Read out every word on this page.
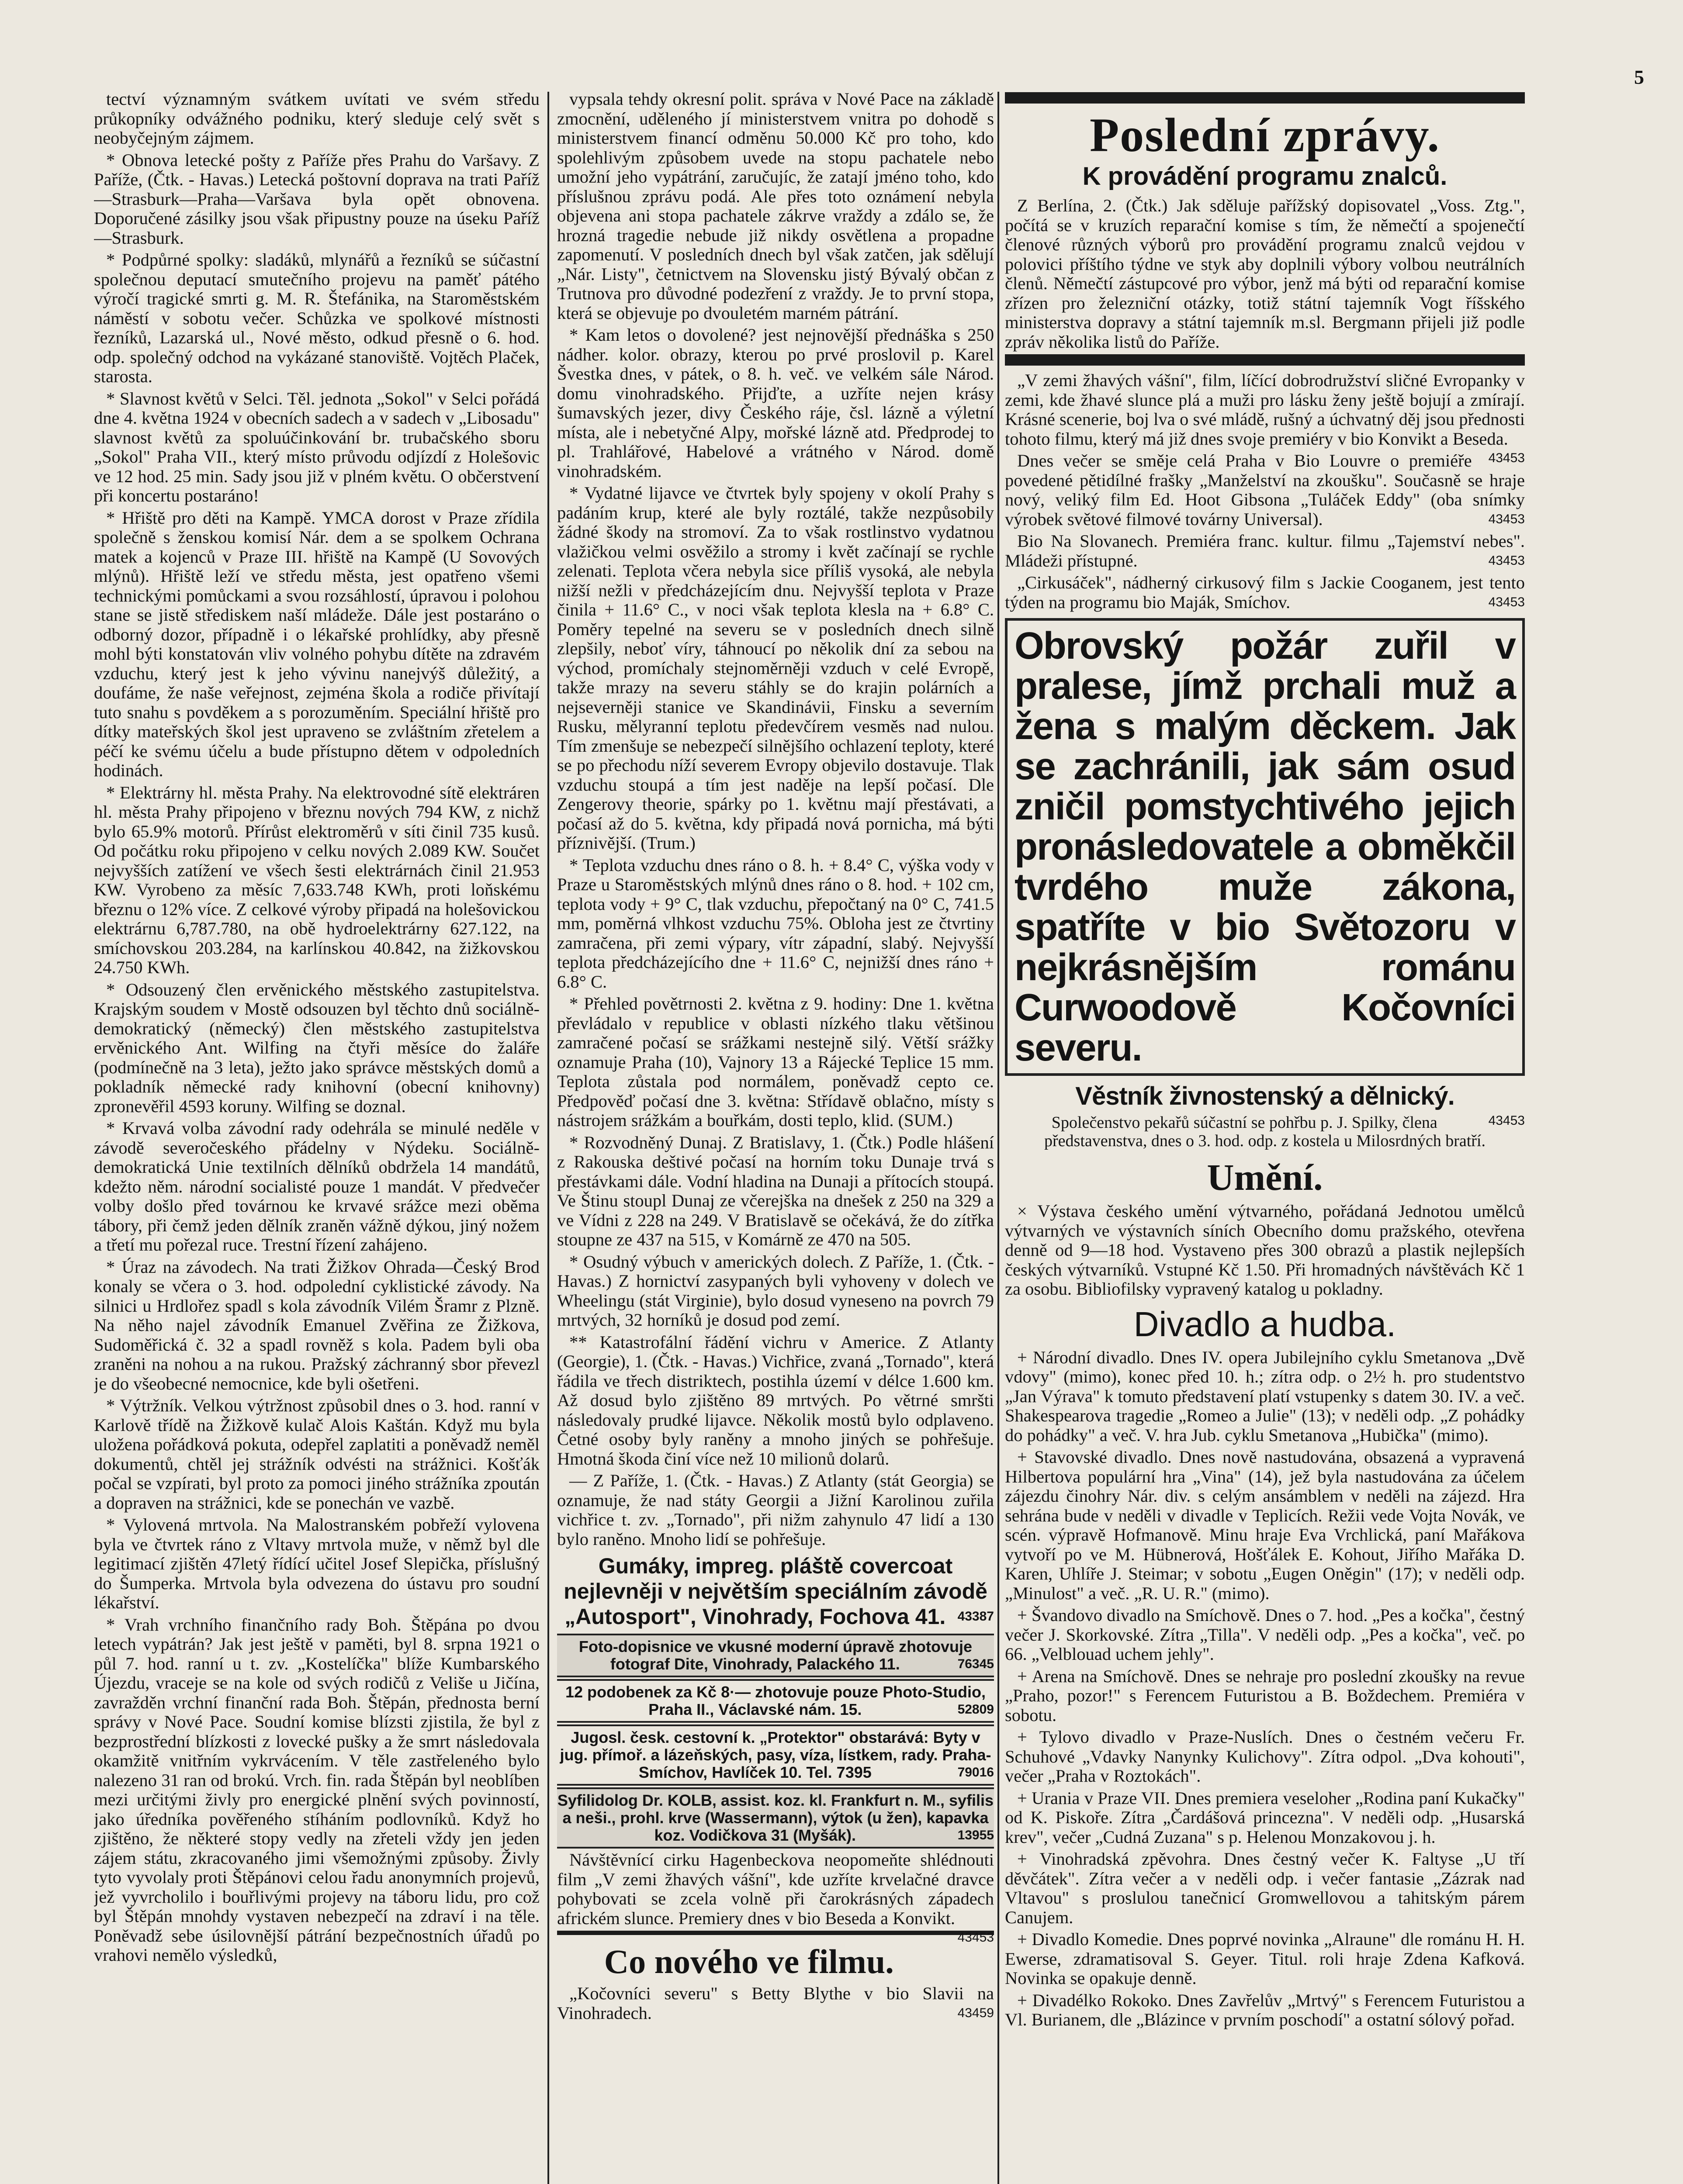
5

tectví významným svátkem uvítati ve svém středu průkopníky odvážného podniku, který sleduje celý svět s neobyčejným zájmem.

* Obnova letecké pošty z Paříže přes Prahu do Varšavy. Z Paříže, (Čtk. - Havas.) Letecká poštovní doprava na trati Paříž—Strasburk—Praha—Varšava byla opět obnovena. Doporučené zásilky jsou však připustny pouze na úseku Paříž—Strasburk.

* Podpůrné spolky: sladáků, mlynářů a řezníků se súčastní společnou deputací smutečního projevu na paměť pátého výročí tragické smrti g. M. R. Štefánika, na Staroměstském náměstí v sobotu večer. Schůzka ve spolkové místnosti řezníků, Lazarská ul., Nové město, odkud přesně o 6. hod. odp. společný odchod na vykázané stanoviště. Vojtěch Plaček, starosta.

* Slavnost květů v Selci. Těl. jednota „Sokol" v Selci pořádá dne 4. května 1924 v obecních sadech a v sadech v „Libosadu" slavnost květů za spoluúčinkování br. trubačského sboru „Sokol" Praha VII., který místo průvodu odjízdí z Holešovic ve 12 hod. 25 min. Sady jsou již v plném květu. O občerstvení při koncertu postaráno!

* Hřiště pro děti na Kampě. YMCA dorost v Praze zřídila společně s ženskou komisí Nár. dem a se spolkem Ochrana matek a kojenců v Praze III. hřiště na Kampě (U Sovových mlýnů). Hřiště leží ve středu města, jest opatřeno všemi technickými pomůckami a svou rozsáhlostí, úpravou i polohou stane se jistě střediskem naší mládeže. Dále jest postaráno o odborný dozor, případně i o lékařské prohlídky, aby přesně mohl býti konstatován vliv volného pohybu dítěte na zdravém vzduchu, který jest k jeho vývinu nanejvýš důležitý, a doufáme, že naše veřejnost, zejména škola a rodiče přivítají tuto snahu s povděkem a s porozuměním. Speciální hřiště pro dítky mateřských škol jest upraveno se zvláštním zřetelem a péčí ke svému účelu a bude přístupno dětem v odpoledních hodinách.

* Elektrárny hl. města Prahy. Na elektrovodné sítě elektráren hl. města Prahy připojeno v březnu nových 794 KW, z nichž bylo 65.9% motorů. Přírůst elektroměrů v síti činil 735 kusů. Od počátku roku připojeno v celku nových 2.089 KW. Součet nejvyšších zatížení ve všech šesti elektrárnách činil 21.953 KW. Vyrobeno za měsíc 7,633.748 KWh, proti loňskému březnu o 12% více. Z celkové výroby připadá na holešovickou elektrárnu 6,787.780, na obě hydroelektrárny 627.122, na smíchovskou 203.284, na karlínskou 40.842, na žižkovskou 24.750 KWh.

* Odsouzený člen ervěnického městského zastupitelstva. Krajským soudem v Mostě odsouzen byl těchto dnů sociálně-demokratický (německý) člen městského zastupitelstva ervěnického Ant. Wilfing na čtyři měsíce do žaláře (podmínečně na 3 leta), ježto jako správce městských domů a pokladník německé rady knihovní (obecní knihovny) zpronevěřil 4593 koruny. Wilfing se doznal.

* Krvavá volba závodní rady odehrála se minulé neděle v závodě severočeského přádelny v Nýdeku. Sociálně-demokratická Unie textilních dělníků obdržela 14 mandátů, kdežto něm. národní socialisté pouze 1 mandát. V předvečer volby došlo před továrnou ke krvavé srážce mezi oběma tábory, při čemž jeden dělník zraněn vážně dýkou, jiný nožem a třetí mu pořezal ruce. Trestní řízení zahájeno.

* Úraz na závodech. Na trati Žižkov Ohrada—Český Brod konaly se včera o 3. hod. odpolední cyklistické závody. Na silnici u Hrdlořez spadl s kola závodník Vilém Šramr z Plzně. Na něho najel závodník Emanuel Zvěřina ze Žižkova, Sudoměřická č. 32 a spadl rovněž s kola. Padem byli oba zraněni na nohou a na rukou. Pražský záchranný sbor převezl je do všeobecné nemocnice, kde byli ošetřeni.

* Výtržník. Velkou výtržnost způsobil dnes o 3. hod. ranní v Karlově třídě na Žižkově kulač Alois Kaštán. Když mu byla uložena pořádková pokuta, odepřel zaplatiti a poněvadž neměl dokumentů, chtěl jej strážník odvésti na strážnici. Košťák počal se vzpírati, byl proto za pomoci jiného strážníka zpoután a dopraven na strážnici, kde se ponechán ve vazbě.

* Vylovená mrtvola. Na Malostranském pobřeží vylovena byla ve čtvrtek ráno z Vltavy mrtvola muže, v němž byl dle legitimací zjištěn 47letý řídící učitel Josef Slepička, příslušný do Šumperka. Mrtvola byla odvezena do ústavu pro soudní lékařství.

* Vrah vrchního finančního rady Boh. Štěpána po dvou letech vypátrán? Jak jest ještě v paměti, byl 8. srpna 1921 o půl 7. hod. ranní u t. zv. „Kostelíčka" blíže Kumbarského Újezdu, vraceje se na kole od svých rodičů z Veliše u Jičína, zavražděn vrchní finanční rada Boh. Štěpán, přednosta berní správy v Nové Pace. Soudní komise blízsti zjistila, že byl z bezprostřední blízkosti z lovecké pušky a že smrt následovala okamžitě vnitřním vykrvácením. V těle zastřeleného bylo nalezeno 31 ran od brokú. Vrch. fin. rada Štěpán byl neoblíben mezi určitými živly pro energické plnění svých povinností, jako úředníka pověřeného stíháním podlovníků. Když ho zjištěno, že některé stopy vedly na zřeteli vždy jen jeden zájem státu, zkracovaného jimi všemožnými způsoby. Živly tyto vyvolaly proti Štěpánovi celou řadu anonymních projevů, jež vyvrcholilo i bouřlivými projevy na táboru lidu, pro což byl Štěpán mnohdy vystaven nebezpečí na zdraví i na těle. Poněvadž sebe úsilovnější pátrání bezpečnostních úřadů po vrahovi nemělo výsledků,

vypsala tehdy okresní polit. správa v Nové Pace na základě zmocnění, uděleného jí ministerstvem vnitra po dohodě s ministerstvem financí odměnu 50.000 Kč pro toho, kdo spolehlivým způsobem uvede na stopu pachatele nebo umožní jeho vypátrání, zaručujíc, že zatají jméno toho, kdo příslušnou zprávu podá. Ale přes toto oznámení nebyla objevena ani stopa pachatele zákrve vraždy a zdálo se, že hrozná tragedie nebude již nikdy osvětlena a propadne zapomenutí. V posledních dnech byl však zatčen, jak sdělují „Nár. Listy", četnictvem na Slovensku jistý Bývalý občan z Trutnova pro důvodné podezření z vraždy. Je to první stopa, která se objevuje po dvouletém marném pátrání.

* Kam letos o dovolené? jest nejnovější přednáška s 250 nádher. kolor. obrazy, kterou po prvé proslovil p. Karel Švestka dnes, v pátek, o 8. h. več. ve velkém sále Národ. domu vinohradského. Přijďte, a uzříte nejen krásy šumavských jezer, divy Českého ráje, čsl. lázně a výletní místa, ale i nebetyčné Alpy, mořské lázně atd. Předprodej to pl. Trahlářové, Habelové a vrátného v Národ. domě vinohradském.

* Vydatné lijavce ve čtvrtek byly spojeny v okolí Prahy s padáním krup, které ale byly roztálé, takže nezpůsobily žádné škody na stromoví. Za to však rostlinstvo vydatnou vlažičkou velmi osvěžilo a stromy i květ začínají se rychle zelenati. Teplota včera nebyla sice příliš vysoká, ale nebyla nižší nežli v předcházejícím dnu. Nejvyšší teplota v Praze činila + 11.6° C., v noci však teplota klesla na + 6.8° C. Poměry tepelné na severu se v posledních dnech silně zlepšily, neboť víry, táhnoucí po několik dní za sebou na východ, promíchaly stejnoměrněji vzduch v celé Evropě, takže mrazy na severu stáhly se do krajin polárních a nejseverněji stanice ve Skandinávii, Finsku a severním Rusku, mělyranní teplotu předevčírem vesměs nad nulou. Tím zmenšuje se nebezpečí silnějšího ochlazení teploty, které se po přechodu níží severem Evropy objevilo dostavuje. Tlak vzduchu stoupá a tím jest naděje na lepší počasí. Dle Zengerovy theorie, spárky po 1. květnu mají přestávati, a počasí až do 5. května, kdy připadá nová pornicha, má býti příznivější. (Trum.)

* Teplota vzduchu dnes ráno o 8. h. + 8.4° C, výška vody v Praze u Staroměstských mlýnů dnes ráno o 8. hod. + 102 cm, teplota vody + 9° C, tlak vzduchu, přepočtaný na 0° C, 741.5 mm, poměrná vlhkost vzduchu 75%. Obloha jest ze čtvrtiny zamračena, při zemi výpary, vítr západní, slabý. Nejvyšší teplota předcházejícího dne + 11.6° C, nejnižší dnes ráno + 6.8° C.

* Přehled povětrnosti 2. května z 9. hodiny: Dne 1. května převládalo v republice v oblasti nízkého tlaku většinou zamračené počasí se srážkami nestejně silý. Větší srážky oznamuje Praha (10), Vajnory 13 a Rájecké Teplice 15 mm. Teplota zůstala pod normálem, poněvadž cepto ce. Předpověď počasí dne 3. května: Střídavě oblačno, místy s nástrojem srážkám a bouřkám, dosti teplo, klid. (SUM.)

* Rozvodněný Dunaj. Z Bratislavy, 1. (Čtk.) Podle hlášení z Rakouska deštivé počasí na horním toku Dunaje trvá s přestávkami dále. Vodní hladina na Dunaji a přítocích stoupá. Ve Štinu stoupl Dunaj ze včerejška na dnešek z 250 na 329 a ve Vídni z 228 na 249. V Bratislavě se očekává, že do zítřka stoupne ze 437 na 515, v Komárně ze 470 na 505.

* Osudný výbuch v amerických dolech. Z Paříže, 1. (Čtk. - Havas.) Z hornictví zasypaných byli vyhoveny v dolech ve Wheelingu (stát Virginie), bylo dosud vyneseno na povrch 79 mrtvých, 32 horníků je dosud pod zemí.

** Katastrofální řádění vichru v Americe. Z Atlanty (Georgie), 1. (Čtk. - Havas.) Vichřice, zvaná „Tornado", která řádila ve třech distriktech, postihla území v délce 1.600 km. Až dosud bylo zjištěno 89 mrtvých. Po větrné smršti následovaly prudké lijavce. Několik mostů bylo odplaveno. Četné osoby byly raněny a mnoho jiných se pohřešuje. Hmotná škoda činí více než 10 milionů dolarů.

— Z Paříže, 1. (Čtk. - Havas.) Z Atlanty (stát Georgia) se oznamuje, že nad státy Georgii a Jižní Karolinou zuřila vichřice t. zv. „Tornado", při nižm zahynulo 47 lidí a 130 bylo raněno. Mnoho lidí se pohřešuje.

Gumáky, impreg. pláště covercoat nejlevněji v největším speciálním závodě „Autosport", Vinohrady, Fochova 41. 43387
Foto-dopisnice ve vkusné moderní úpravě zhotovuje fotograf Dite, Vinohrady, Palackého 11.	76345
12 podobenek za Kč 8·— zhotovuje pouze Photo-Studio, Praha II., Václavské nám. 15.	52809
Jugosl. česk. cestovní k. „Protektor" obstarává: Byty v jug. přímoř. a lázeňských, pasy, víza, lístkem, rady. Praha-Smíchov, Havlíček 10. Tel. 7395	79016
Syfilidolog Dr. KOLB, assist. koz. kl. Frankfurt n. M., syfilis a neši., prohl. krve (Wassermann), výtok (u žen), kapavka koz. Vodičkova 31 (Myšák).	13955

Návštěvnící cirku Hagenbeckova neopomeňte shlédnouti film „V zemi žhavých vášní", kde uzříte krvelačné dravce pohybovati se zcela volně při čarokrásných západech africkém slunce. Premiery dnes v bio Beseda a Konvikt.
43453

Co nového ve filmu.

„Kočovníci severu" s Betty Blythe v bio Slavii na Vinohradech.	43459

Poslední zprávy.
K provádění programu znalců.

Z Berlína, 2. (Čtk.) Jak sděluje pařížský dopisovatel „Voss. Ztg.", počítá se v kruzích reparační komise s tím, že němečtí a spojenečtí členové různých výborů pro provádění programu znalců vejdou v polovici příštího týdne ve styk aby doplnili výbory volbou neutrálních členů. Němečtí zástupcové pro výbor, jenž má býti od reparační komise zřízen pro železniční otázky, totiž státní tajemník Vogt říšského ministerstva dopravy a státní tajemník m.sl. Bergmann přijeli již podle zpráv několika listů do Paříže.

„V zemi žhavých vášní", film, líčící dobrodružství sličné Evropanky v zemi, kde žhavé slunce plá a muži pro lásku ženy ještě bojují a zmírají. Krásné scenerie, boj lva o své mládě, rušný a úchvatný děj jsou přednosti tohoto filmu, který má již dnes svoje premiéry v bio Konvikt a Beseda.
43453

Dnes večer se směje celá Praha v Bio Louvre o premiéře povedené pětidílné frašky „Manželství na zkoušku". Současně se hraje nový, veliký film Ed. Hoot Gibsona „Tuláček Eddy" (oba snímky výrobek světové filmové továrny Universal).	43453

Bio Na Slovanech. Premiéra franc. kultur. filmu „Tajemství nebes". Mládeži přístupné.	43453

„Cirkusáček", nádherný cirkusový film s Jackie Cooganem, jest tento týden na programu bio Maják, Smíchov.	43453

Obrovský požár zuřil v pralese, jímž prchali muž a žena s malým děckem. Jak se zachránili, jak sám osud zničil pomstychtivého jejich pronásledovatele a obměkčil tvrdého muže zákona, spatříte v bio Světozoru v nejkrásnějším románu Curwoodově Kočovníci severu.
Věstník živnostenský a dělnický.
43453
Společenstvo pekařů súčastní se pohřbu p. J. Spilky, člena představenstva, dnes o 3. hod. odp. z kostela u Milosrdných bratří.
Umění.

× Výstava českého umění výtvarného, pořádaná Jednotou umělců výtvarných ve výstavních síních Obecního domu pražského, otevřena denně od 9—18 hod. Vystaveno přes 300 obrazů a plastik nejlepších českých výtvarníků. Vstupné Kč 1.50. Při hromadných návštěvách Kč 1 za osobu. Bibliofilsky vypravený katalog u pokladny.

Divadlo a hudba.

+ Národní divadlo. Dnes IV. opera Jubilejního cyklu Smetanova „Dvě vdovy" (mimo), konec před 10. h.; zítra odp. o 2½ h. pro studentstvo „Jan Výrava" k tomuto představení platí vstupenky s datem 30. IV. a več. Shakespearova tragedie „Romeo a Julie" (13); v neděli odp. „Z pohádky do pohádky" a več. V. hra Jub. cyklu Smetanova „Hubička" (mimo).

+ Stavovské divadlo. Dnes nově nastudována, obsazená a vypravená Hilbertova populární hra „Vina" (14), jež byla nastudována za účelem zájezdu činohry Nár. div. s celým ansámblem v neděli na zájezd. Hra sehrána bude v neděli v divadle v Teplicích. Režii vede Vojta Novák, ve scén. výpravě Hofmanově. Minu hraje Eva Vrchlická, paní Mařákova vytvoří po ve M. Hübnerová, Hošťálek E. Kohout, Jiřího Mařáka D. Karen, Uhlíře J. Steimar; v sobotu „Eugen Oněgin" (17); v neděli odp. „Minulost" a več. „R. U. R." (mimo).

+ Švandovo divadlo na Smíchově. Dnes o 7. hod. „Pes a kočka", čestný večer J. Skorkovské. Zítra „Tilla". V neděli odp. „Pes a kočka", več. po 66. „Velblouad uchem jehly".

+ Arena na Smíchově. Dnes se nehraje pro poslední zkoušky na revue „Praho, pozor!" s Ferencem Futuristou a B. Boždechem. Premiéra v sobotu.

+ Tylovo divadlo v Praze-Nuslích. Dnes o čestném večeru Fr. Schuhové „Vdavky Nanynky Kulichovy". Zítra odpol. „Dva kohouti", večer „Praha v Roztokách".

+ Urania v Praze VII. Dnes premiera veseloher „Rodina paní Kukačky" od K. Piskoře. Zítra „Čardášová princezna". V neděli odp. „Husarská krev", večer „Cudná Zuzana" s p. Helenou Monzakovou j. h.

+ Vinohradská zpěvohra. Dnes čestný večer K. Faltyse „U tří děvčátek". Zítra večer a v neděli odp. i večer fantasie „Zázrak nad Vltavou" s proslulou tanečnicí Gromwellovou a tahitským párem Canujem.

+ Divadlo Komedie. Dnes poprvé novinka „Alraune" dle románu H. H. Ewerse, zdramatisoval S. Geyer. Titul. roli hraje Zdena Kafková. Novinka se opakuje denně.

+ Divadélko Rokoko. Dnes Zavřelův „Mrtvý" s Ferencem Futuristou a Vl. Burianem, dle „Blázince v prvním poschodí" a ostatní sólový pořad.
